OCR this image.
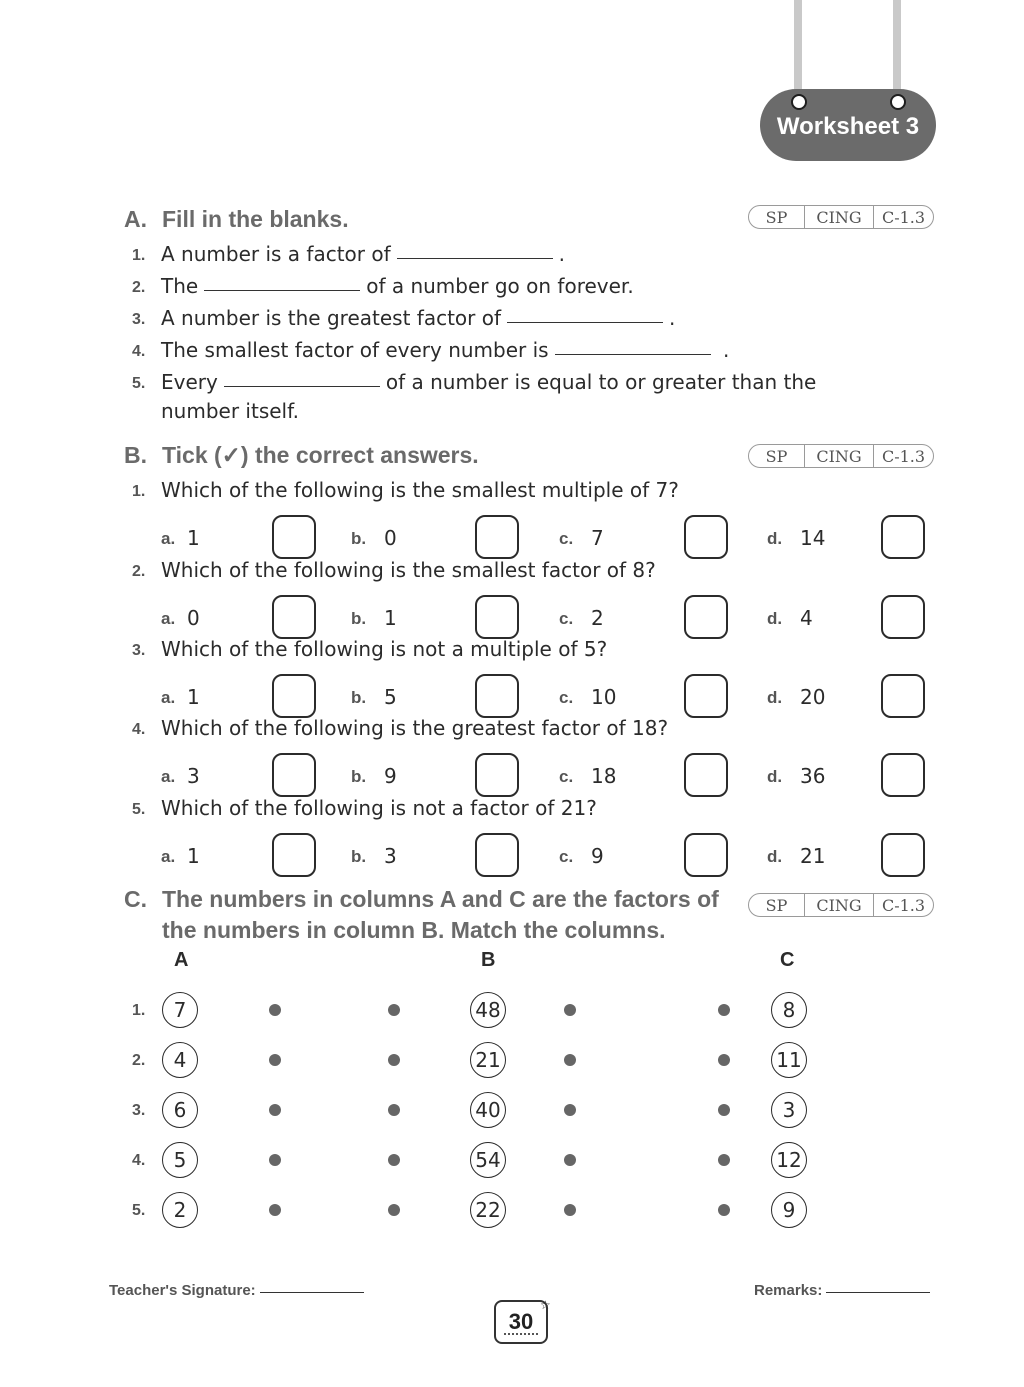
Worksheet 3
A. Fill in the blanks.	SP	CING	C-1.3
1. A number is a factor of	.
2. The	of a number go on forever.
3. A number is the greatest factor of	.
4. The smallest factor of every number is	.
5. Every	of a number is equal to or greater than the
number itself.
B. Tick (✓) the correct answers.	SP	CING	C-1.3
1. Which of the following is the smallest multiple of 7?
a. 1	b. 0	c. 7	d. 14
2. Which of the following is the smallest factor of 8?
a. 0	b. 1	c. 2	d. 4
3. Which of the following is not a multiple of 5?
a. 1	b. 5	c. 10	d. 20
4. Which of the following is the greatest factor of 18?
a. 3	b. 9	c. 18	d. 36
5. Which of the following is not a factor of 21?
a. 1	b. 3	c. 9	d. 21
C. The numbers in columns A and C are the factors of
the numbers in column B. Match the columns.
SP	CING	C-1.3
A	B	C
1.	7	48	8
2.	4	21	11
3.	6	40	3
4.	5	54	12
5.	2	22	9
Teacher's Signature:	Remarks:
30
☆
